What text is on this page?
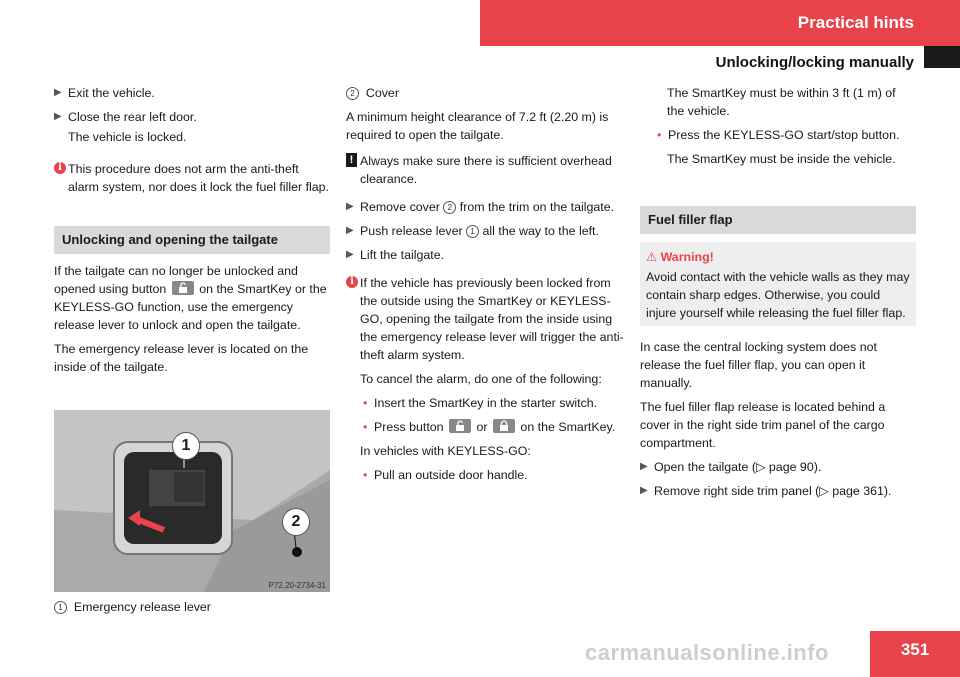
Practical hints
Unlocking/locking manually
▶ Exit the vehicle.
▶ Close the rear left door.
The vehicle is locked.
i This procedure does not arm the anti-theft alarm system, nor does it lock the fuel filler flap.
Unlocking and opening the tailgate
If the tailgate can no longer be unlocked and opened using button	on the SmartKey or the KEYLESS-GO function, use the emergency release lever to unlock and open the tailgate.
The emergency release lever is located on the inside of the tailgate.
1
2
P72.20-2734-31
1 Emergency release lever
2 Cover
A minimum height clearance of 7.2 ft (2.20 m) is required to open the tailgate.
! Always make sure there is sufficient overhead clearance.
▶ Remove cover 2 from the trim on the tailgate.
▶ Push release lever 1 all the way to the left.
▶ Lift the tailgate.
i If the vehicle has previously been locked from the outside using the SmartKey or KEYLESS-GO, opening the tailgate from the inside using the emergency release lever will trigger the anti-theft alarm system.
To cancel the alarm, do one of the following:
• Insert the SmartKey in the starter switch.
• Press button	or	on the SmartKey.
In vehicles with KEYLESS-GO:
• Pull an outside door handle.
The SmartKey must be within 3 ft (1 m) of the vehicle.
• Press the KEYLESS-GO start/stop button.
The SmartKey must be inside the vehicle.
Fuel filler flap
⚠ Warning!
Avoid contact with the vehicle walls as they may contain sharp edges. Otherwise, you could injure yourself while releasing the fuel filler flap.
In case the central locking system does not release the fuel filler flap, you can open it manually.
The fuel filler flap release is located behind a cover in the right side trim panel of the cargo compartment.
▶ Open the tailgate (▷ page 90).
▶ Remove right side trim panel (▷ page 361).
carmanualsonline.info	351
